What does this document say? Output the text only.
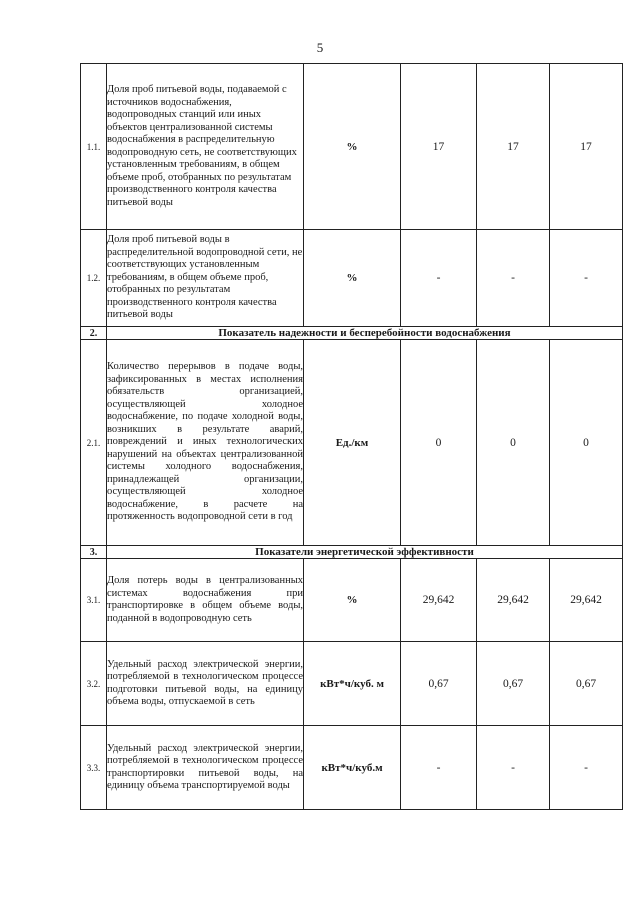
5
1.1.	Доля проб питьевой воды, подаваемой с источников водоснабжения, водопроводных станций или иных объектов централизованной системы водоснабжения в распределительную водопроводную сеть, не соответствующих установленным требованиям, в общем объеме проб, отобранных по результатам производственного контроля качества питьевой воды	%	17	17	17
1.2.	Доля проб питьевой воды в распределительной водопроводной сети, не соответствующих установленным требованиям, в общем объеме проб, отобранных по результатам производственного контроля качества питьевой воды	%	-	-	-
2.	Показатель надежности и бесперебойности водоснабжения				
2.1.	Количество перерывов в подаче воды, зафиксированных в местах исполнения обязательств организацией, осуществляющей холодное водоснабжение, по подаче холодной воды, возникших в результате аварий, повреждений и иных технологических нарушений на объектах централизованной системы холодного водоснабжения, принадлежащей организации, осуществляющей холодное водоснабжение, в расчете на протяженность водопроводной сети в год	Ед./км	0	0	0
3.	Показатели энергетической эффективности				
3.1.	Доля потерь воды в централизованных системах водоснабжения при транспортировке в общем объеме воды, поданной в водопроводную сеть	%	29,642	29,642	29,642
3.2.	Удельный расход электрической энергии, потребляемой в технологическом процессе подготовки питьевой воды, на единицу объема воды, отпускаемой в сеть	кВт*ч/куб. м	0,67	0,67	0,67
3.3.	Удельный расход электрической энергии, потребляемой в технологическом процессе транспортировки питьевой воды, на единицу объема транспортируемой воды	кВт*ч/куб.м	-	-	-
